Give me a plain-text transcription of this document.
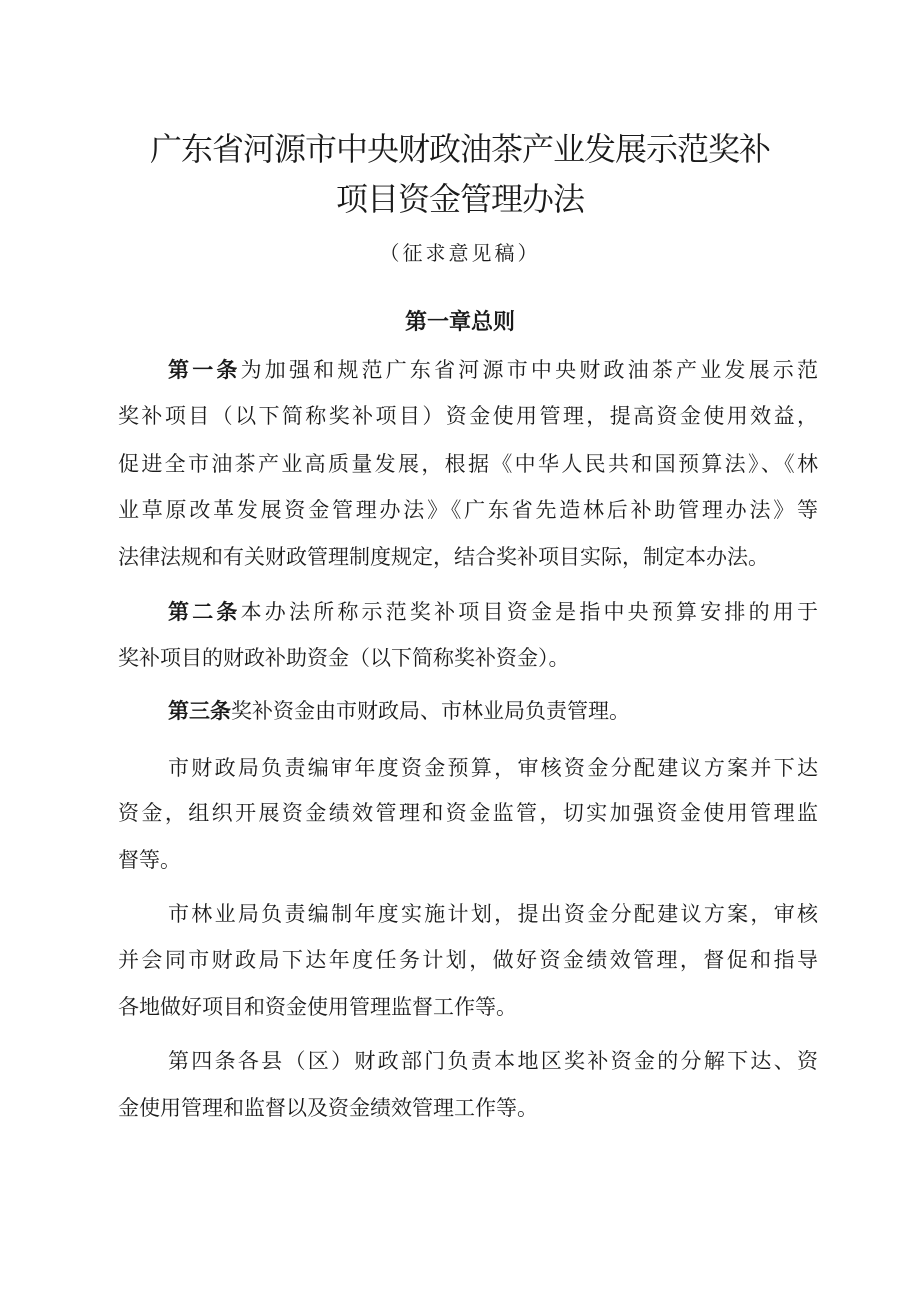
广东省河源市中央财政油茶产业发展示范奖补
项目资金管理办法
（征求意见稿）
第一章总则
第一条为加强和规范广东省河源市中央财政油茶产业发展示范
奖补项目（以下简称奖补项目）资金使用管理，提高资金使用效益，
促进全市油茶产业高质量发展，根据《中华人民共和国预算法》、《林
业草原改革发展资金管理办法》《广东省先造林后补助管理办法》等
法律法规和有关财政管理制度规定，结合奖补项目实际，制定本办法。
第二条本办法所称示范奖补项目资金是指中央预算安排的用于
奖补项目的财政补助资金（以下简称奖补资金）。
第三条奖补资金由市财政局、市林业局负责管理。
市财政局负责编审年度资金预算，审核资金分配建议方案并下达
资金，组织开展资金绩效管理和资金监管，切实加强资金使用管理监
督等。
市林业局负责编制年度实施计划，提出资金分配建议方案，审核
并会同市财政局下达年度任务计划，做好资金绩效管理，督促和指导
各地做好项目和资金使用管理监督工作等。
第四条各县（区）财政部门负责本地区奖补资金的分解下达、资
金使用管理和监督以及资金绩效管理工作等。
